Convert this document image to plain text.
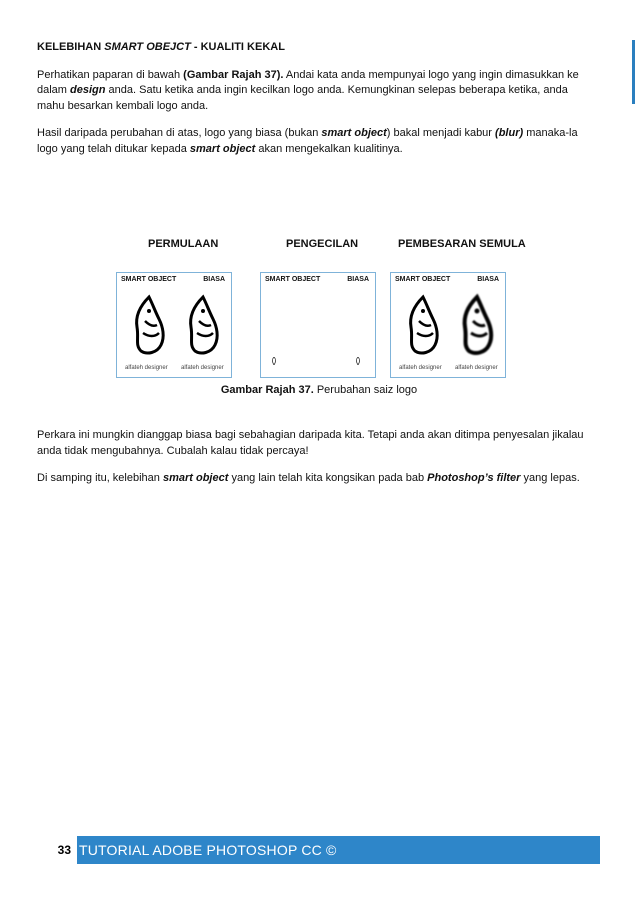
KELEBIHAN SMART OBEJCT - KUALITI KEKAL

Perhatikan paparan di bawah (Gambar Rajah 37). Andai kata anda mempunyai logo yang ingin dimasukkan ke dalam design anda. Satu ketika anda ingin kecilkan logo anda. Kemungkinan selepas beberapa ketika, anda mahu besarkan kembali logo anda.

Hasil daripada perubahan di atas, logo yang biasa (bukan smart object) bakal menjadi kabur (blur) manaka-la logo yang telah ditukar kepada smart object akan mengekalkan kualitinya.

PERMULAAN	PENGECILAN	PEMBESARAN SEMULA
SMART OBJECT	BIASA
alfateh designer alfateh designer
SMART OBJECT	BIASA	SMART OBJECT	BIASA
alfateh designer alfateh designer
Gambar Rajah 37. Perubahan saiz logo

Perkara ini mungkin dianggap biasa bagi sebahagian daripada kita. Tetapi anda akan ditimpa penyesalan jikalau anda tidak mengubahnya. Cubalah kalau tidak percaya!

Di samping itu, kelebihan smart object yang lain telah kita kongsikan pada bab Photoshop’s filter yang lepas.

33 TUTORIAL ADOBE PHOTOSHOP CC ©
